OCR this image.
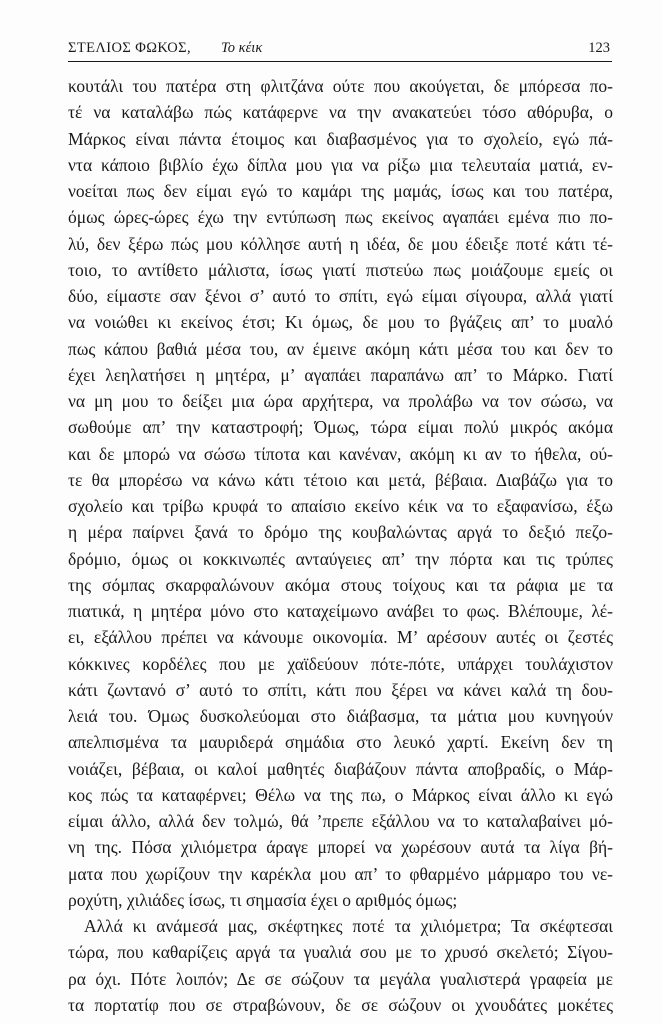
ΣΤΕΛΙΟΣ ΦΩΚΟΣ, Το κέικ	123
κουτάλι του πατέρα στη φλιτζάνα ούτε που ακούγεται, δε μπόρεσα πο-
τέ να καταλάβω πώς κατάφερνε να την ανακατεύει τόσο αθόρυβα, ο
Μάρκος είναι πάντα έτοιμος και διαβασμένος για το σχολείο, εγώ πά-
ντα κάποιο βιβλίο έχω δίπλα μου για να ρίξω μια τελευταία ματιά, εν-
νοείται πως δεν είμαι εγώ το καμάρι της μαμάς, ίσως και του πατέρα,
όμως ώρες-ώρες έχω την εντύπωση πως εκείνος αγαπάει εμένα πιο πο-
λύ, δεν ξέρω πώς μου κόλλησε αυτή η ιδέα, δε μου έδειξε ποτέ κάτι τέ-
τοιο, το αντίθετο μάλιστα, ίσως γιατί πιστεύω πως μοιάζουμε εμείς οι
δύο, είμαστε σαν ξένοι σ’ αυτό το σπίτι, εγώ είμαι σίγουρα, αλλά γιατί
να νοιώθει κι εκείνος έτσι; Κι όμως, δε μου το βγάζεις απ’ το μυαλό
πως κάπου βαθιά μέσα του, αν έμεινε ακόμη κάτι μέσα του και δεν το
έχει λεηλατήσει η μητέρα, μ’ αγαπάει παραπάνω απ’ το Μάρκο. Γιατί
να μη μου το δείξει μια ώρα αρχήτερα, να προλάβω να τον σώσω, να
σωθούμε απ’ την καταστροφή; Όμως, τώρα είμαι πολύ μικρός ακόμα
και δε μπορώ να σώσω τίποτα και κανέναν, ακόμη κι αν το ήθελα, ού-
τε θα μπορέσω να κάνω κάτι τέτοιο και μετά, βέβαια. Διαβάζω για το
σχολείο και τρίβω κρυφά το απαίσιο εκείνο κέικ να το εξαφανίσω, έξω
η μέρα παίρνει ξανά το δρόμο της κουβαλώντας αργά το δεξιό πεζο-
δρόμιο, όμως οι κοκκινωπές ανταύγειες απ’ την πόρτα και τις τρύπες
της σόμπας σκαρφαλώνουν ακόμα στους τοίχους και τα ράφια με τα
πιατικά, η μητέρα μόνο στο καταχείμωνο ανάβει το φως. Βλέπουμε, λέ-
ει, εξάλλου πρέπει να κάνουμε οικονομία. Μ’ αρέσουν αυτές οι ζεστές
κόκκινες κορδέλες που με χαϊδεύουν πότε-πότε, υπάρχει τουλάχιστον
κάτι ζωντανό σ’ αυτό το σπίτι, κάτι που ξέρει να κάνει καλά τη δου-
λειά του. Όμως δυσκολεύομαι στο διάβασμα, τα μάτια μου κυνηγούν
απελπισμένα τα μαυριδερά σημάδια στο λευκό χαρτί. Εκείνη δεν τη
νοιάζει, βέβαια, οι καλοί μαθητές διαβάζουν πάντα αποβραδίς, ο Μάρ-
κος πώς τα καταφέρνει; Θέλω να της πω, ο Μάρκος είναι άλλο κι εγώ
είμαι άλλο, αλλά δεν τολμώ, θά ’πρεπε εξάλλου να το καταλαβαίνει μό-
νη της. Πόσα χιλιόμετρα άραγε μπορεί να χωρέσουν αυτά τα λίγα βή-
ματα που χωρίζουν την καρέκλα μου απ’ το φθαρμένο μάρμαρο του νε-
ροχύτη, χιλιάδες ίσως, τι σημασία έχει ο αριθμός όμως;
Αλλά κι ανάμεσά μας, σκέφτηκες ποτέ τα χιλιόμετρα; Τα σκέφτεσαι
τώρα, που καθαρίζεις αργά τα γυαλιά σου με το χρυσό σκελετό; Σίγου-
ρα όχι. Πότε λοιπόν; Δε σε σώζουν τα μεγάλα γυαλιστερά γραφεία με
τα πορτατίφ που σε στραβώνουν, δε σε σώζουν οι χνουδάτες μοκέτες
